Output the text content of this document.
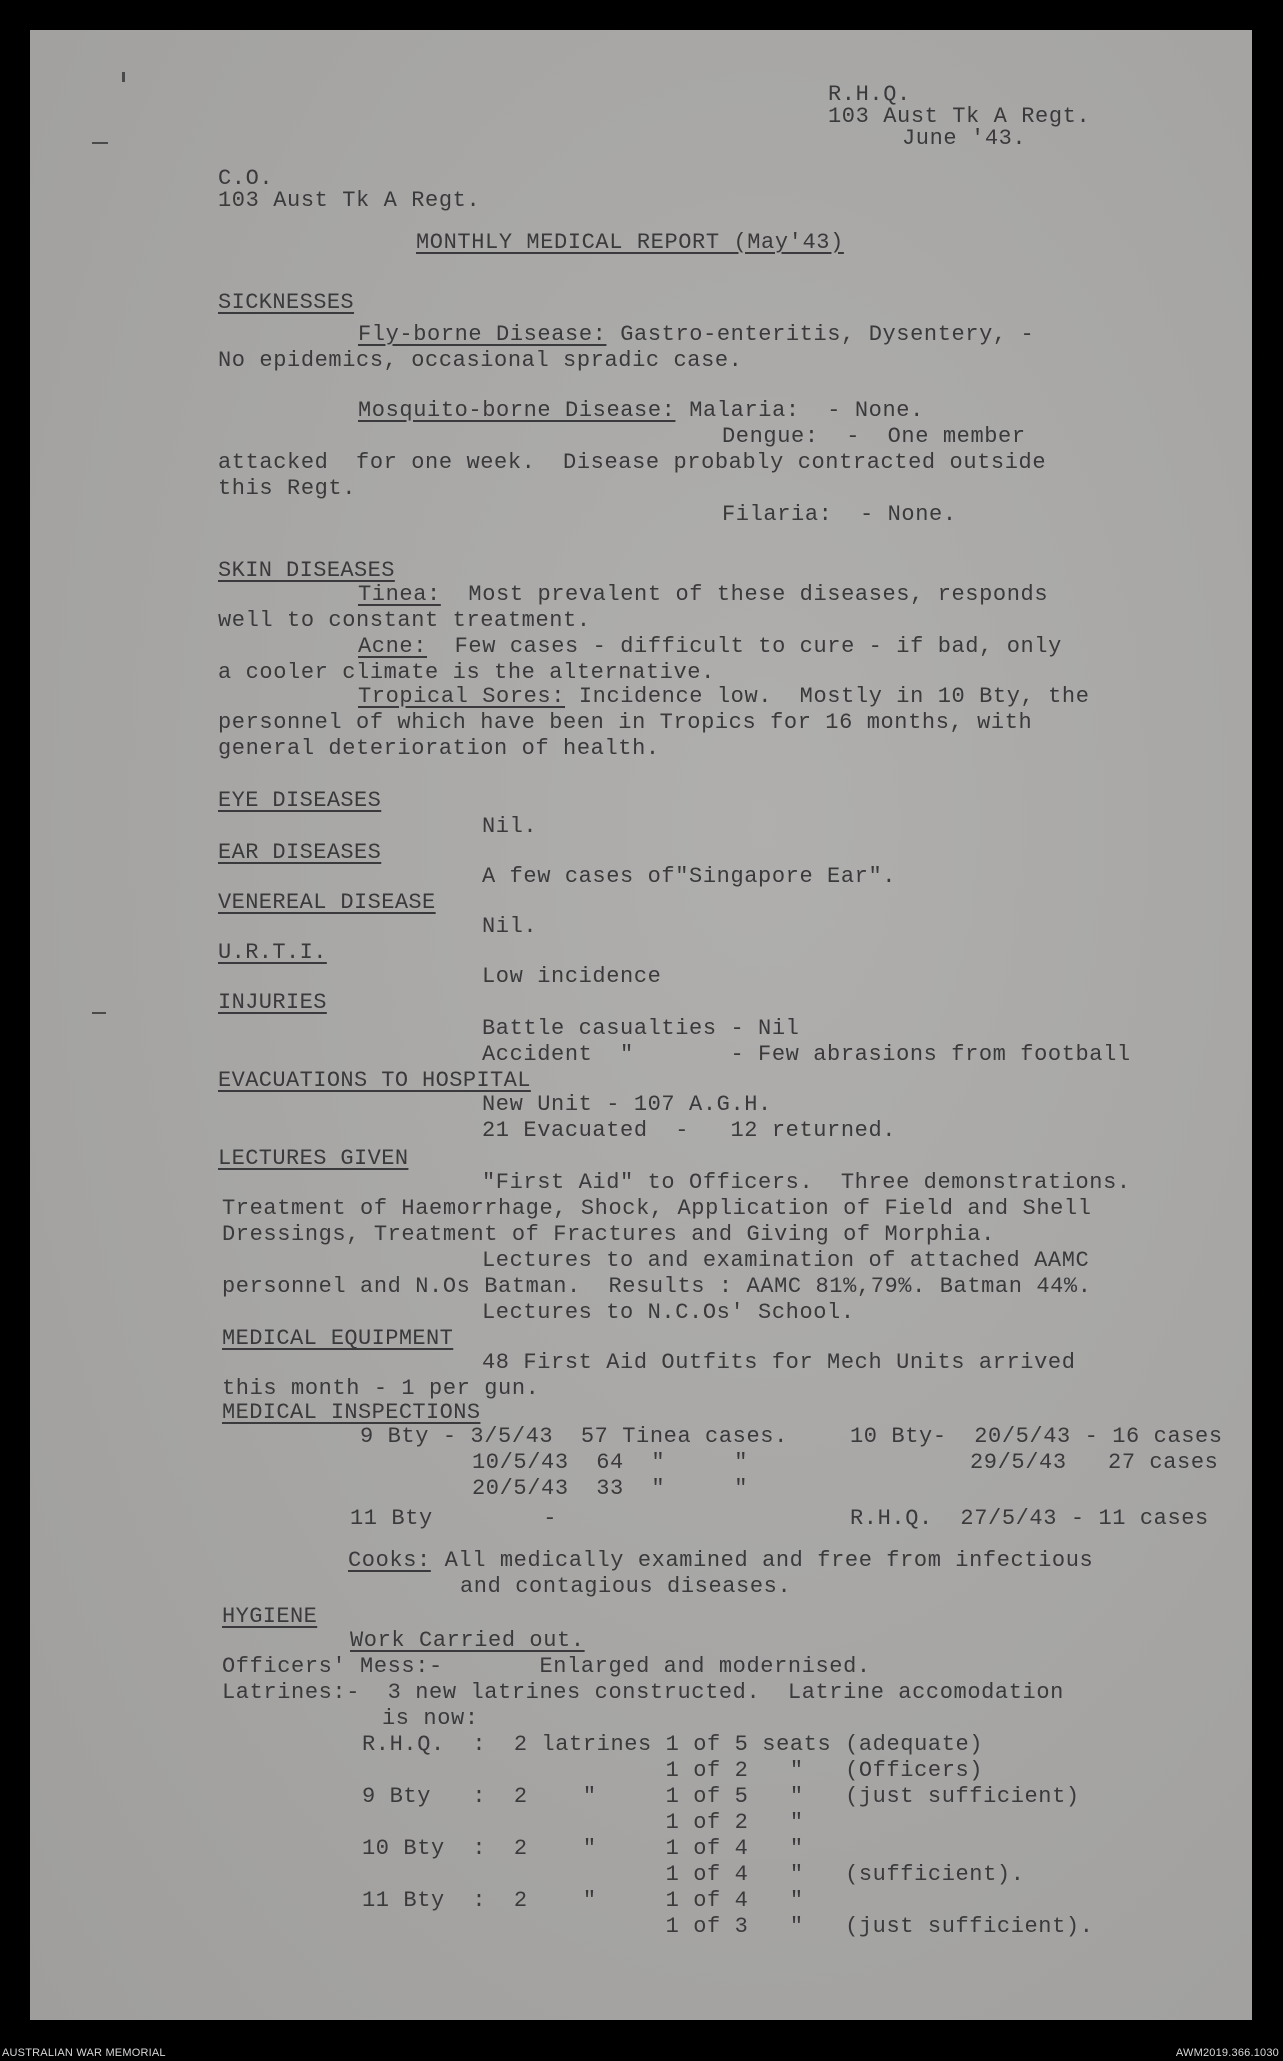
R.H.Q.
103 Aust Tk A Regt.
June '43.
C.O.
103 Aust Tk A Regt.
MONTHLY MEDICAL REPORT (May'43)
SICKNESSES
Fly-borne Disease: Gastro-enteritis, Dysentery, -
No epidemics, occasional spradic case.
Mosquito-borne Disease: Malaria:  - None.
Dengue:  -  One member
attacked  for one week.  Disease probably contracted outside
this Regt.
Filaria:  - None.
SKIN DISEASES
Tinea:  Most prevalent of these diseases, responds
well to constant treatment.
Acne:  Few cases - difficult to cure - if bad, only
a cooler climate is the alternative.
Tropical Sores: Incidence low.  Mostly in 10 Bty, the
personnel of which have been in Tropics for 16 months, with
general deterioration of health.
EYE DISEASES
Nil.
EAR DISEASES
A few cases of"Singapore Ear".
VENEREAL DISEASE
Nil.
U.R.T.I.
Low incidence
INJURIES
Battle casualties - Nil
Accident  "       - Few abrasions from football
EVACUATIONS TO HOSPITAL
New Unit - 107 A.G.H.
21 Evacuated  -   12 returned.
LECTURES GIVEN
"First Aid" to Officers.  Three demonstrations.
Treatment of Haemorrhage, Shock, Application of Field and Shell
Dressings, Treatment of Fractures and Giving of Morphia.
Lectures to and examination of attached AAMC
personnel and N.Os Batman.  Results : AAMC 81%,79%. Batman 44%.
Lectures to N.C.Os' School.
MEDICAL EQUIPMENT
48 First Aid Outfits for Mech Units arrived
this month - 1 per gun.
MEDICAL INSPECTIONS
9 Bty - 3/5/43  57 Tinea cases.	10 Bty-  20/5/43 - 16 cases
10/5/43  64  "     "	29/5/43   27 cases
20/5/43  33  "     "
11 Bty        -	R.H.Q.  27/5/43 - 11 cases
Cooks: All medically examined and free from infectious
and contagious diseases.
HYGIENE
Work Carried out.
Officers' Mess:-       Enlarged and modernised.
Latrines:-  3 new latrines constructed.  Latrine accomodation
is now:
R.H.Q.  :  2 latrines 1 of 5 seats (adequate)
1 of 2   "   (Officers)
9 Bty   :  2    "     1 of 5   "   (just sufficient)
1 of 2   "
10 Bty  :  2    "     1 of 4   "
1 of 4   "   (sufficient).
11 Bty  :  2    "     1 of 4   "
1 of 3   "   (just sufficient).
AUSTRALIAN WAR MEMORIAL	AWM2019.366.1030
